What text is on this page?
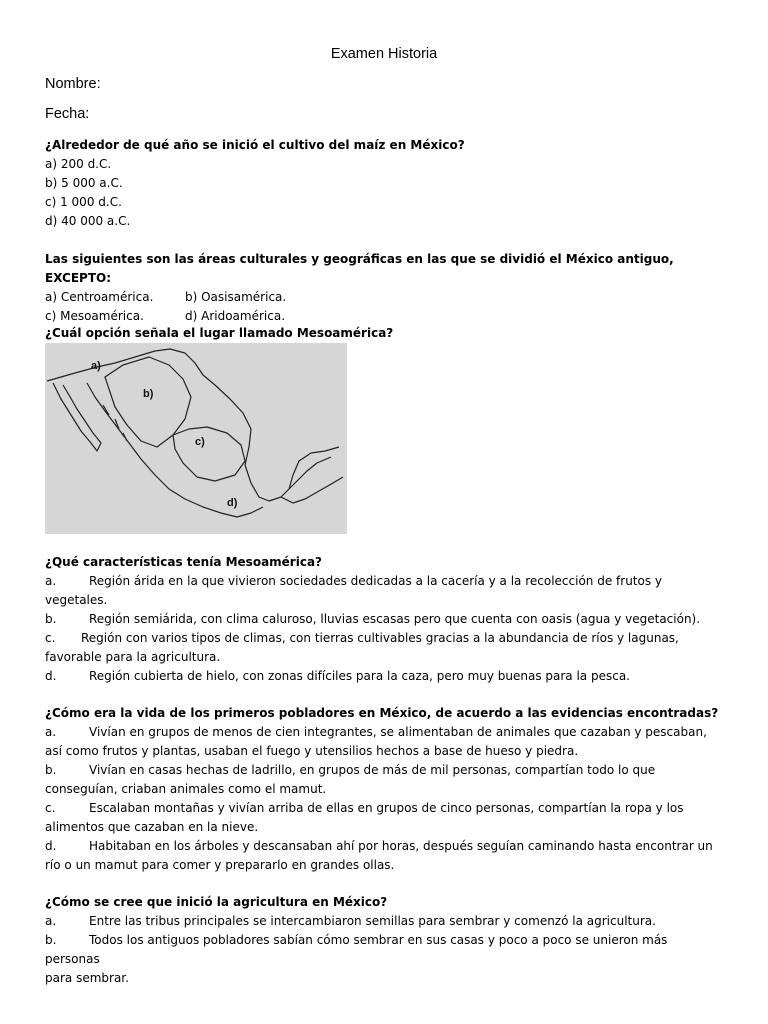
Examen Historia
Nombre:
Fecha:
¿Alrededor de qué año se inició el cultivo del maíz en México?
a) 200 d.C.
b) 5 000 a.C.
c) 1 000 d.C.
d) 40 000 a.C.
Las siguientes son las áreas culturales y geográficas en las que se dividió el México antiguo, EXCEPTO:
a) Centroamérica.	b) Oasisamérica.
c) Mesoamérica.	d) Aridoamérica.
¿Cuál opción señala el lugar llamado Mesoamérica?
a)
b)
c)
d)
¿Qué características tenía Mesoamérica?
a.	Región árida en la que vivieron sociedades dedicadas a la cacería y a la recolección de frutos y
vegetales.
b.	Región semiárida, con clima caluroso, lluvias escasas pero que cuenta con oasis (agua y vegetación).
c. Región con varios tipos de climas, con tierras cultivables gracias a la abundancia de ríos y lagunas,
favorable para la agricultura.
d.	Región cubierta de hielo, con zonas difíciles para la caza, pero muy buenas para la pesca.
¿Cómo era la vida de los primeros pobladores en México, de acuerdo a las evidencias encontradas?
a.	Vivían en grupos de menos de cien integrantes, se alimentaban de animales que cazaban y pescaban,
así como frutos y plantas, usaban el fuego y utensilios hechos a base de hueso y piedra.
b.	Vivían en casas hechas de ladrillo, en grupos de más de mil personas, compartían todo lo que
conseguían, criaban animales como el mamut.
c.	Escalaban montañas y vivían arriba de ellas en grupos de cinco personas, compartían la ropa y los
alimentos que cazaban en la nieve.
d.	Habitaban en los árboles y descansaban ahí por horas, después seguían caminando hasta encontrar un
río o un mamut para comer y prepararlo en grandes ollas.
¿Cómo se cree que inició la agricultura en México?
a.	Entre las tribus principales se intercambiaron semillas para sembrar y comenzó la agricultura.
b.	Todos los antiguos pobladores sabían cómo sembrar en sus casas y poco a poco se unieron más personas
para sembrar.
